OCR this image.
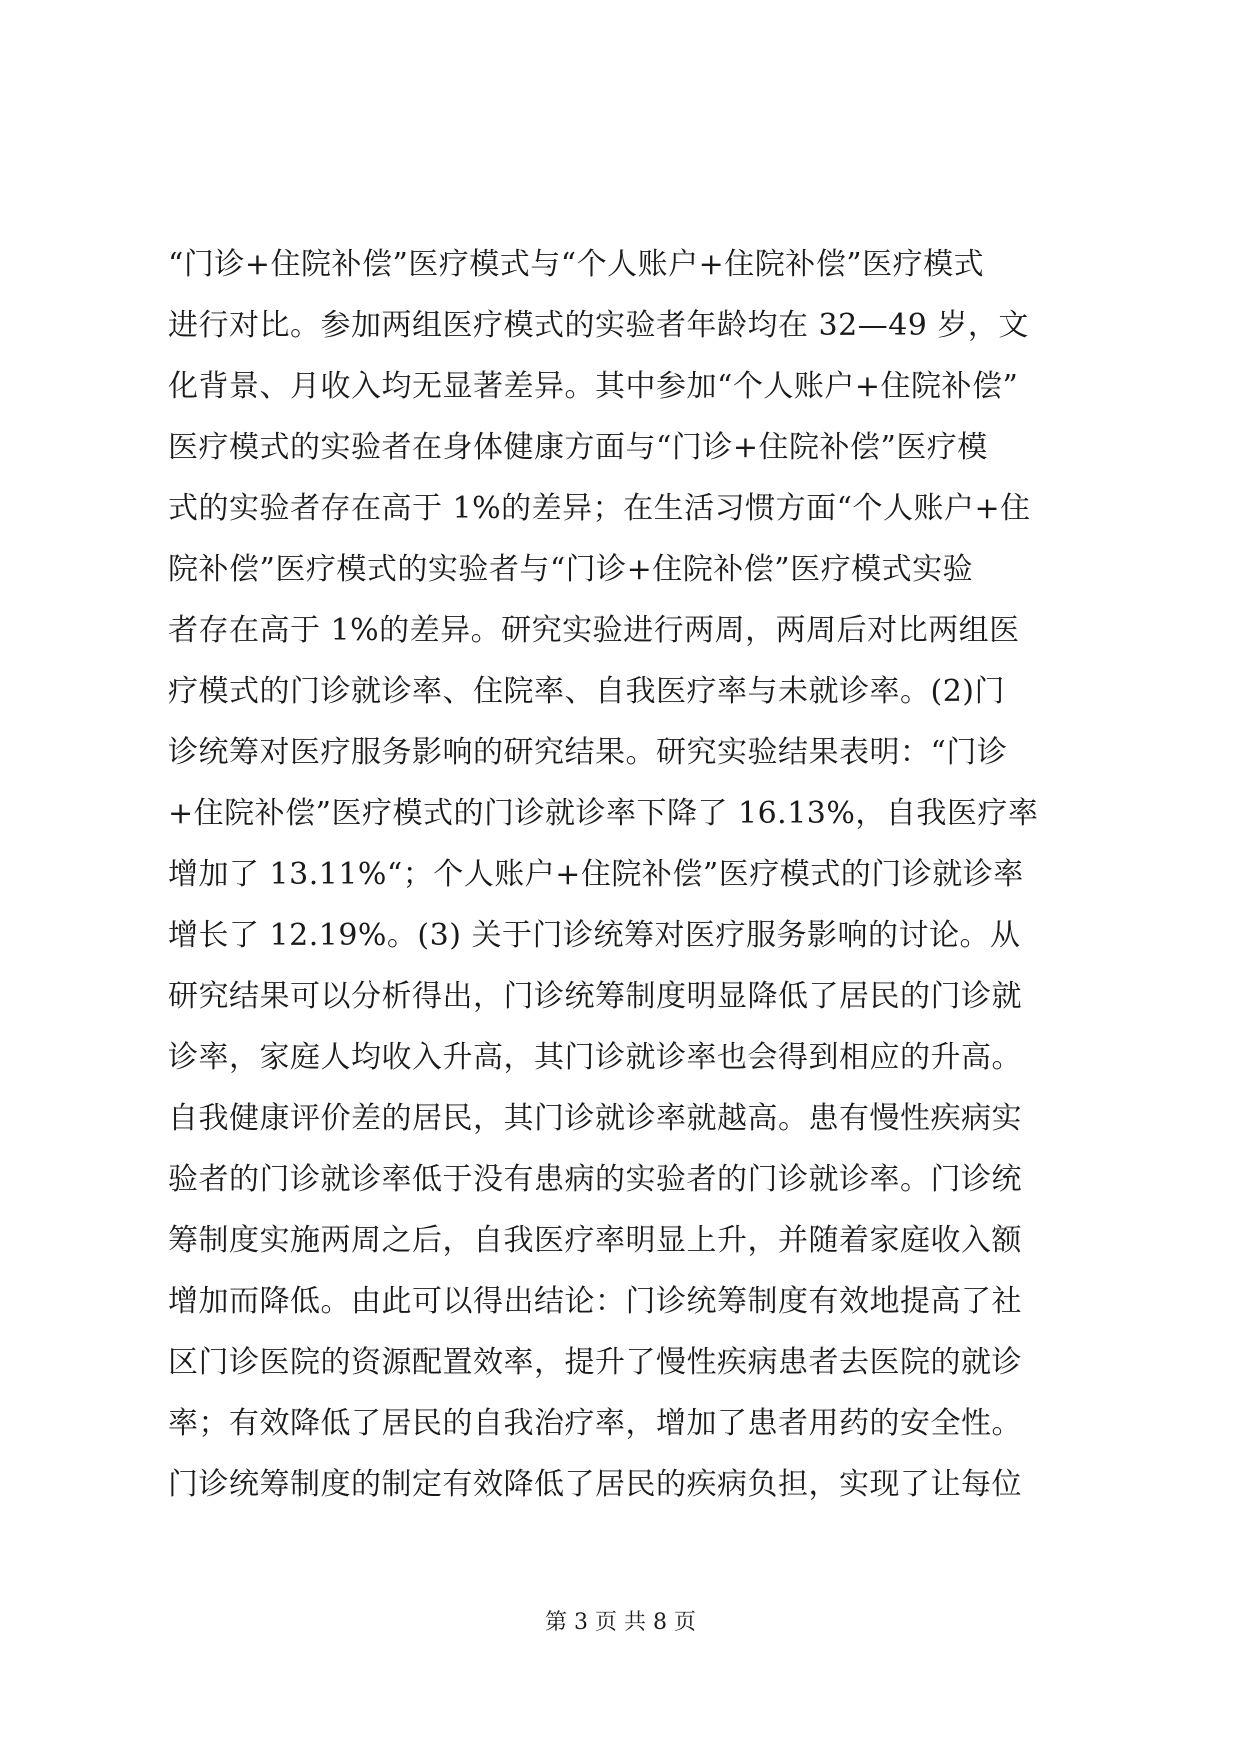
“门诊+住院补偿”医疗模式与“个人账户+住院补偿”医疗模式
进行对比。参加两组医疗模式的实验者年龄均在 32—49 岁，文
化背景、月收入均无显著差异。其中参加“个人账户+住院补偿”
医疗模式的实验者在身体健康方面与“门诊+住院补偿”医疗模
式的实验者存在高于 1%的差异；在生活习惯方面“个人账户+住
院补偿”医疗模式的实验者与“门诊+住院补偿”医疗模式实验
者存在高于 1%的差异。研究实验进行两周，两周后对比两组医
疗模式的门诊就诊率、住院率、自我医疗率与未就诊率。(2)门
诊统筹对医疗服务影响的研究结果。研究实验结果表明：“门诊
+住院补偿”医疗模式的门诊就诊率下降了 16.13%，自我医疗率
增加了 13.11%“；个人账户+住院补偿”医疗模式的门诊就诊率
增长了 12.19%。(3) 关于门诊统筹对医疗服务影响的讨论。从
研究结果可以分析得出，门诊统筹制度明显降低了居民的门诊就
诊率，家庭人均收入升高，其门诊就诊率也会得到相应的升高。
自我健康评价差的居民，其门诊就诊率就越高。患有慢性疾病实
验者的门诊就诊率低于没有患病的实验者的门诊就诊率。门诊统
筹制度实施两周之后，自我医疗率明显上升，并随着家庭收入额
增加而降低。由此可以得出结论：门诊统筹制度有效地提高了社
区门诊医院的资源配置效率，提升了慢性疾病患者去医院的就诊
率；有效降低了居民的自我治疗率，增加了患者用药的安全性。
门诊统筹制度的制定有效降低了居民的疾病负担，实现了让每位
第 3 页 共 8 页
